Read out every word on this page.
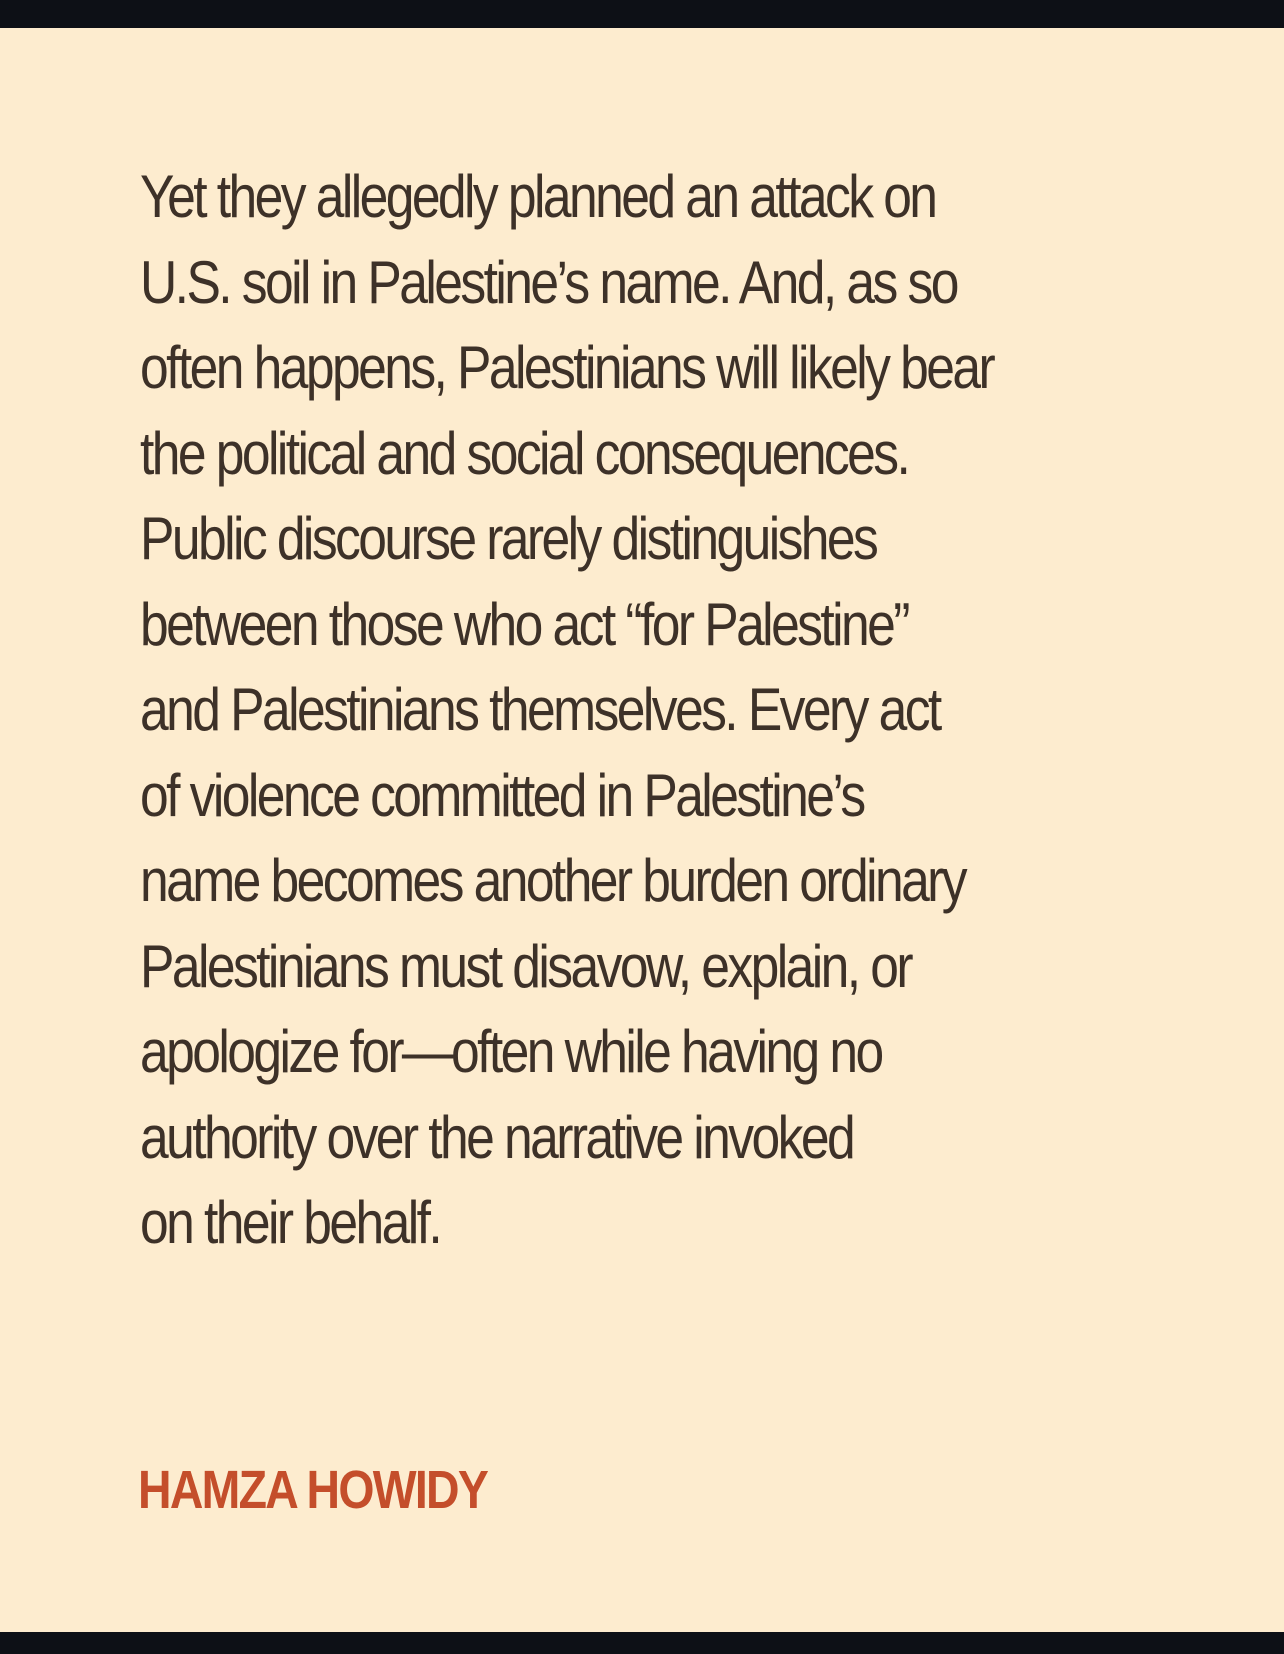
Yet they allegedly planned an attack on
U.S. soil in Palestine’s name. And, as so
often happens, Palestinians will likely bear
the political and social consequences.
Public discourse rarely distinguishes
between those who act “for Palestine”
and Palestinians themselves. Every act
of violence committed in Palestine’s
name becomes another burden ordinary
Palestinians must disavow, explain, or
apologize for—often while having no
authority over the narrative invoked
on their behalf.

HAMZA HOWIDY
